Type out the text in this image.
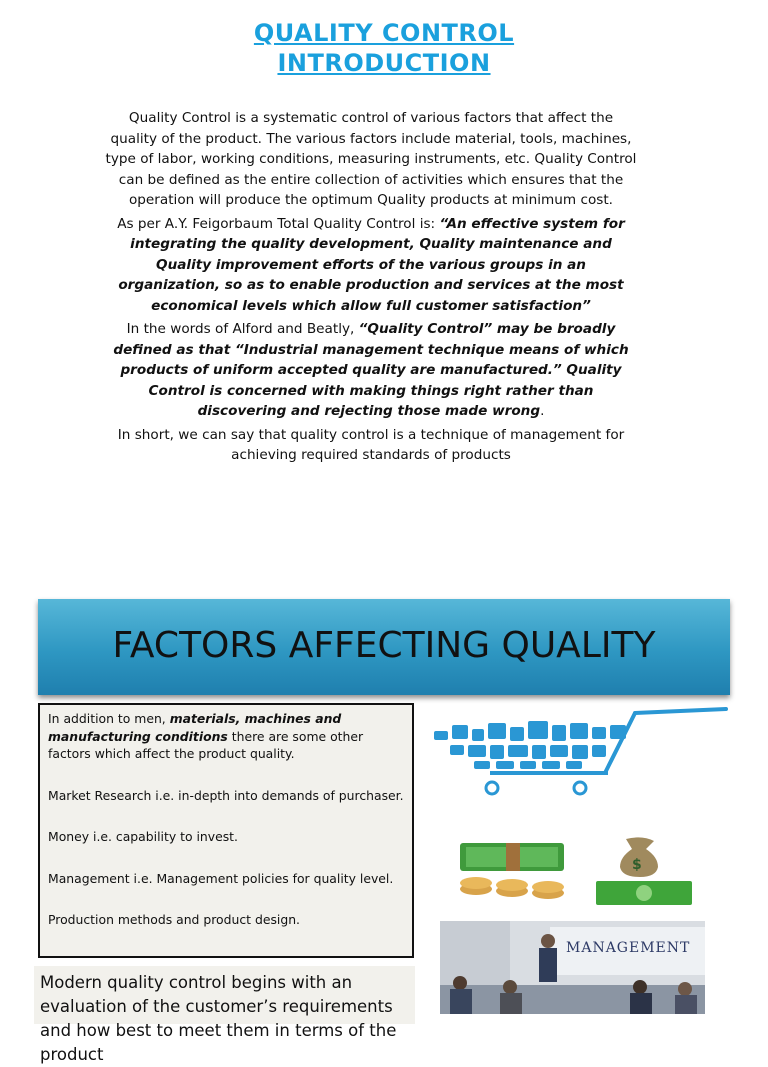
QUALITY CONTROL
INTRODUCTION

Quality Control is a systematic control of various factors that affect the quality of the product. The various factors include material, tools, machines, type of labor, working conditions, measuring instruments, etc. Quality Control can be defined as the entire collection of activities which ensures that the operation will produce the optimum Quality products at minimum cost.

As per A.Y. Feigorbaum Total Quality Control is: “An effective system for integrating the quality development, Quality maintenance and Quality improvement efforts of the various groups in an organization, so as to enable production and services at the most economical levels which allow full customer satisfaction”

In the words of Alford and Beatly, “Quality Control” may be broadly defined as that “Industrial management technique means of which products of uniform accepted quality are manufactured.” Quality Control is concerned with making things right rather than discovering and rejecting those made wrong.

In short, we can say that quality control is a technique of management for achieving required standards of products

FACTORS AFFECTING QUALITY
In addition to men, materials, machines and manufacturing conditions there are some other factors which affect the product quality.

Market Research i.e. in-depth into demands of purchaser.

Money i.e. capability to invest.

Management i.e. Management policies for quality level.

Production methods and product design.

Modern quality control begins with an evaluation of the customer’s requirements and how best to meet them in terms of the product
$
MANAGEMENT
